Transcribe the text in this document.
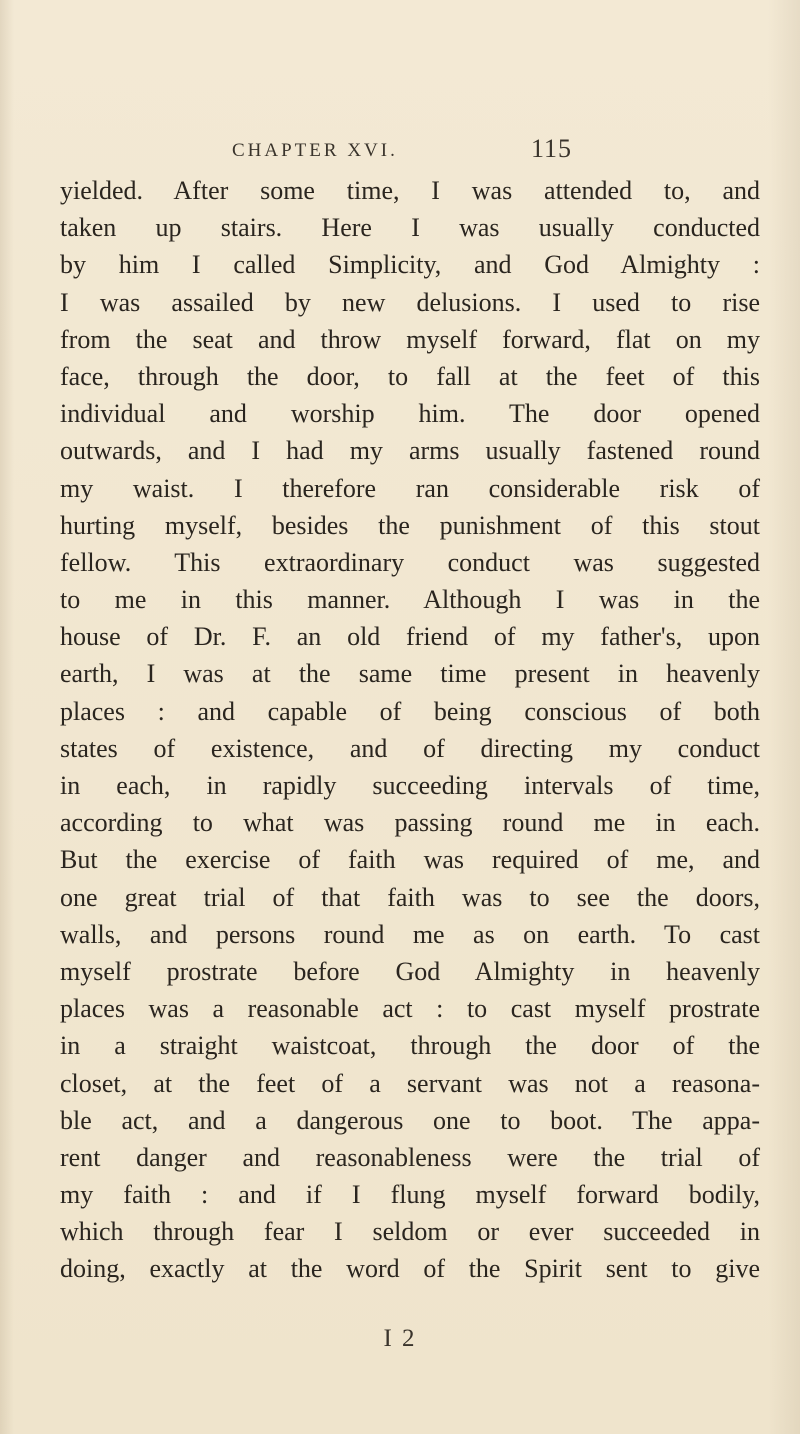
CHAPTER XVI.	115
yielded. After some time, I was attended to, and
taken up stairs. Here I was usually conducted
by him I called Simplicity, and God Almighty :
I was assailed by new delusions. I used to rise
from the seat and throw myself forward, flat on my
face, through the door, to fall at the feet of this
individual and worship him. The door opened
outwards, and I had my arms usually fastened round
my waist. I therefore ran considerable risk of
hurting myself, besides the punishment of this stout
fellow. This extraordinary conduct was suggested
to me in this manner. Although I was in the
house of Dr. F. an old friend of my father's, upon
earth, I was at the same time present in heavenly
places : and capable of being conscious of both
states of existence, and of directing my conduct
in each, in rapidly succeeding intervals of time,
according to what was passing round me in each.
But the exercise of faith was required of me, and
one great trial of that faith was to see the doors,
walls, and persons round me as on earth. To cast
myself prostrate before God Almighty in heavenly
places was a reasonable act : to cast myself prostrate
in a straight waistcoat, through the door of the
closet, at the feet of a servant was not a reasona-
ble act, and a dangerous one to boot. The appa-
rent danger and reasonableness were the trial of
my faith : and if I flung myself forward bodily,
which through fear I seldom or ever succeeded in
doing, exactly at the word of the Spirit sent to give
I 2
